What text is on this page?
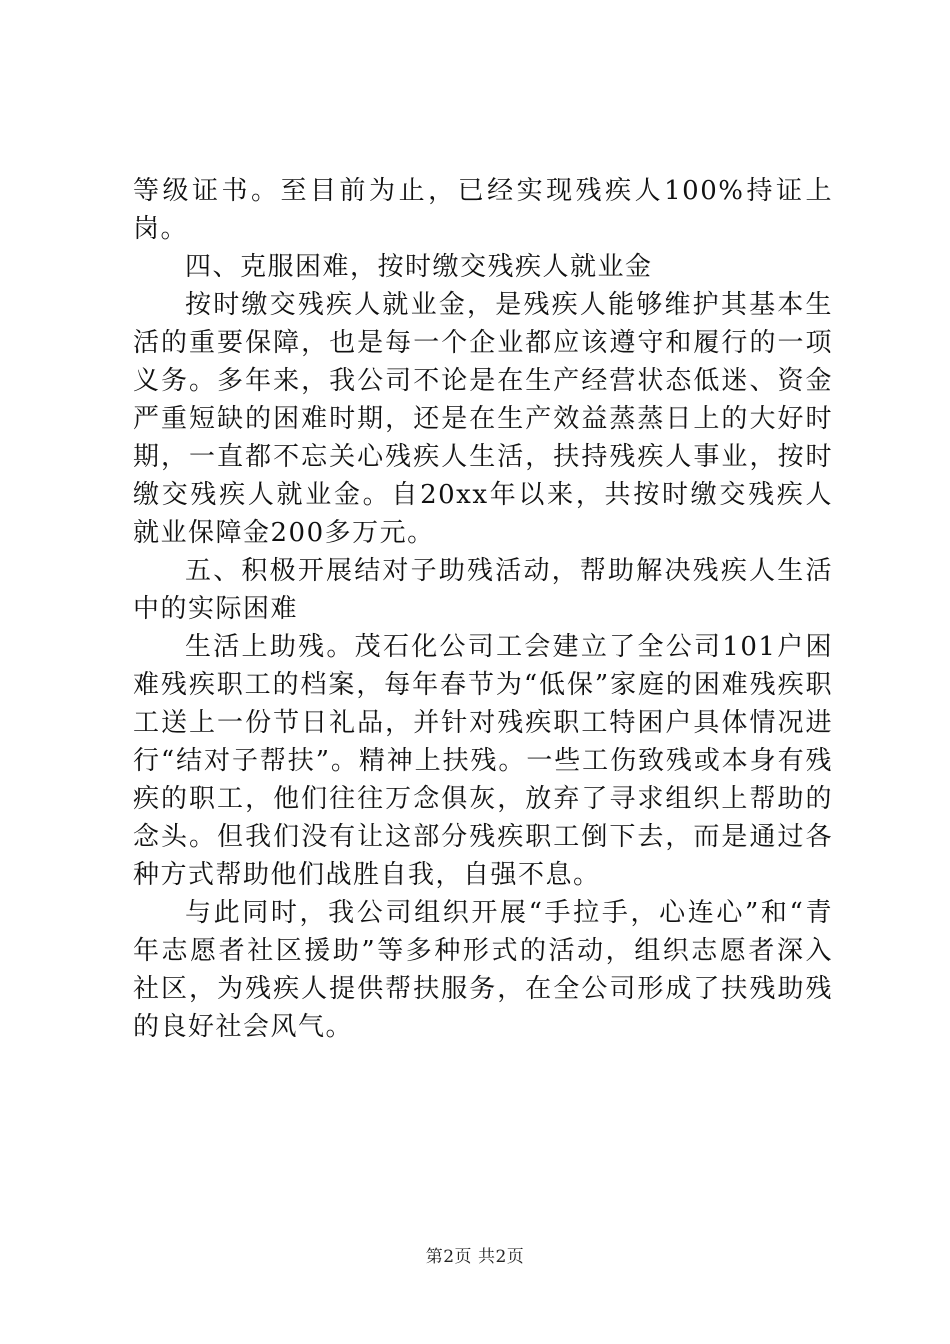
等级证书。至目前为止，已经实现残疾人100%持证上岗。

四、克服困难，按时缴交残疾人就业金

按时缴交残疾人就业金，是残疾人能够维护其基本生活的重要保障，也是每一个企业都应该遵守和履行的一项义务。多年来，我公司不论是在生产经营状态低迷、资金严重短缺的困难时期，还是在生产效益蒸蒸日上的大好时期，一直都不忘关心残疾人生活，扶持残疾人事业，按时缴交残疾人就业金。自20xx年以来，共按时缴交残疾人就业保障金200多万元。

五、积极开展结对子助残活动，帮助解决残疾人生活中的实际困难

生活上助残。茂石化公司工会建立了全公司101户困难残疾职工的档案，每年春节为“低保”家庭的困难残疾职工送上一份节日礼品，并针对残疾职工特困户具体情况进行“结对子帮扶”。精神上扶残。一些工伤致残或本身有残疾的职工，他们往往万念俱灰，放弃了寻求组织上帮助的念头。但我们没有让这部分残疾职工倒下去，而是通过各种方式帮助他们战胜自我，自强不息。

与此同时，我公司组织开展“手拉手，心连心”和“青年志愿者社区援助”等多种形式的活动，组织志愿者深入社区，为残疾人提供帮扶服务，在全公司形成了扶残助残的良好社会风气。

第2页 共2页
